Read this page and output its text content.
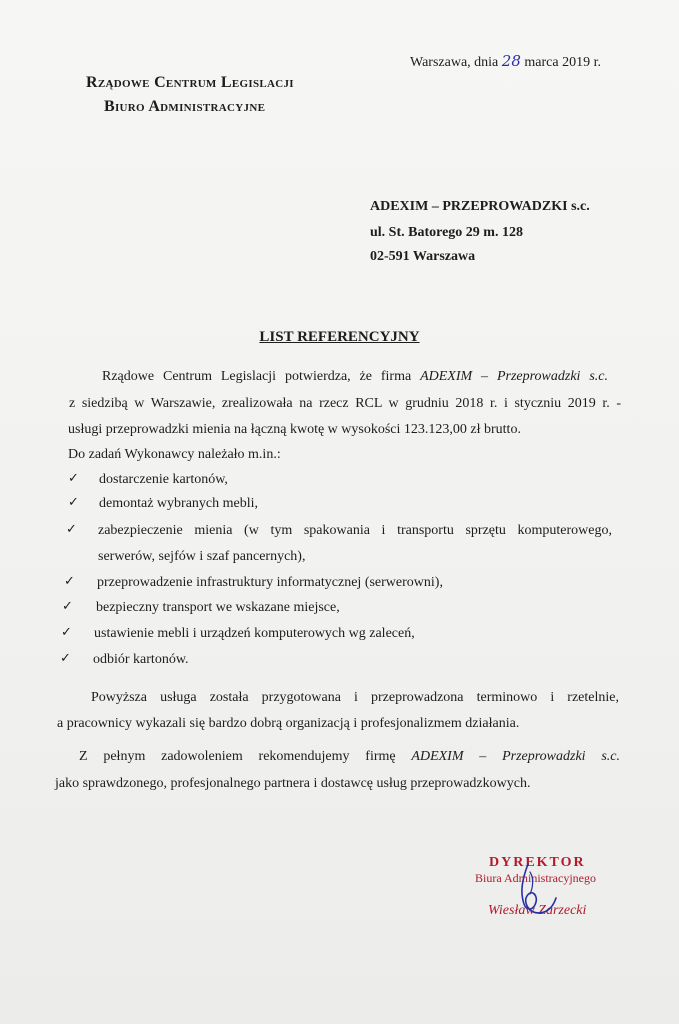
Warszawa, dnia 28 marca 2019 r.
Rządowe Centrum Legislacji
Biuro Administracyjne
ADEXIM – PRZEPROWADZKI s.c.
ul. St. Batorego 29 m. 128
02-591 Warszawa
LIST REFERENCYJNY
Rządowe Centrum Legislacji potwierdza, że firma ADEXIM – Przeprowadzki s.c.
z siedzibą w Warszawie, zrealizowała na rzecz RCL w grudniu 2018 r. i styczniu 2019 r. -
usługi przeprowadzki mienia na łączną kwotę w wysokości 123.123,00 zł brutto.
Do zadań Wykonawcy należało m.in.:
✓ dostarczenie kartonów,
✓ demontaż wybranych mebli,
✓ zabezpieczenie mienia (w tym spakowania i transportu sprzętu komputerowego,
serwerów, sejfów i szaf pancernych),
✓ przeprowadzenie infrastruktury informatycznej (serwerowni),
✓ bezpieczny transport we wskazane miejsce,
✓ ustawienie mebli i urządzeń komputerowych wg zaleceń,
✓ odbiór kartonów.
Powyższa usługa została przygotowana i przeprowadzona terminowo i rzetelnie,
a pracownicy wykazali się bardzo dobrą organizacją i profesjonalizmem działania.
Z pełnym zadowoleniem rekomendujemy firmę ADEXIM – Przeprowadzki s.c.
jako sprawdzonego, profesjonalnego partnera i dostawcę usług przeprowadzkowych.
DYREKTOR
Biura Administracyjnego
Wiesław Zarzecki
